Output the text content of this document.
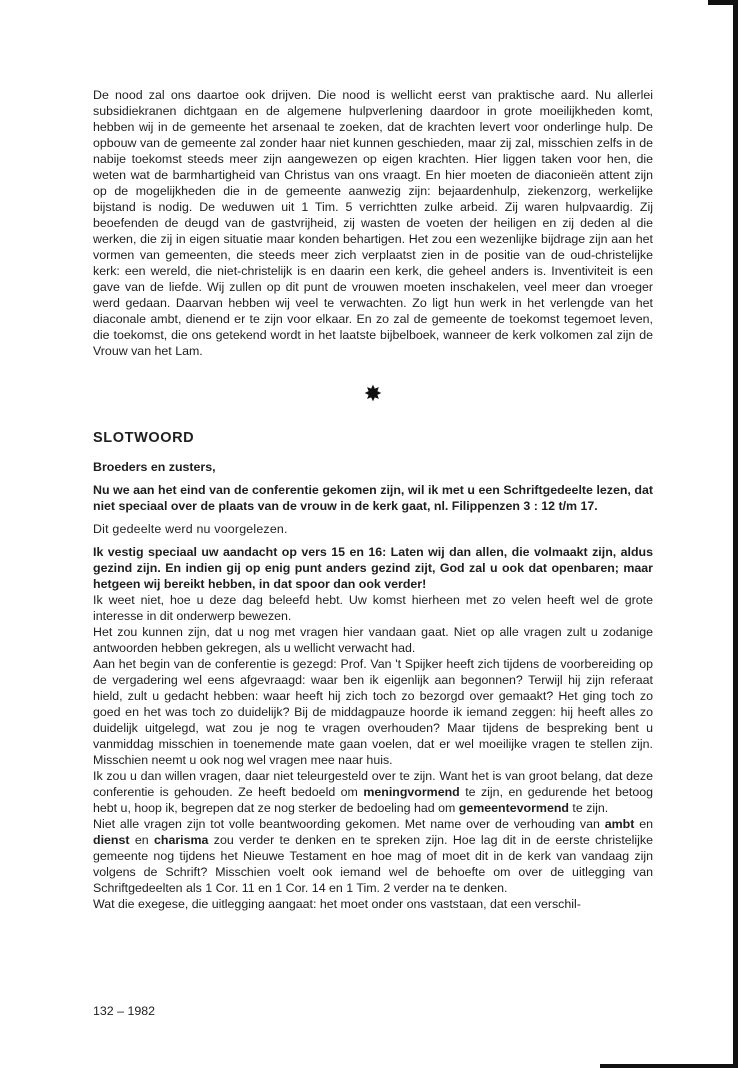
De nood zal ons daartoe ook drijven. Die nood is wellicht eerst van praktische aard. Nu allerlei subsidiekranen dichtgaan en de algemene hulpverlening daardoor in grote moeilijkheden komt, hebben wij in de gemeente het arsenaal te zoeken, dat de krachten levert voor onderlinge hulp. De opbouw van de gemeente zal zonder haar niet kunnen geschieden, maar zij zal, misschien zelfs in de nabije toekomst steeds meer zijn aangewezen op eigen krachten. Hier liggen taken voor hen, die weten wat de barmhartigheid van Christus van ons vraagt. En hier moeten de diaconieën attent zijn op de mogelijkheden die in de gemeente aanwezig zijn: bejaardenhulp, ziekenzorg, werkelijke bijstand is nodig. De weduwen uit 1 Tim. 5 verrichtten zulke arbeid. Zij waren hulpvaardig. Zij beoefenden de deugd van de gastvrijheid, zij wasten de voeten der heiligen en zij deden al die werken, die zij in eigen situatie maar konden behartigen. Het zou een wezenlijke bijdrage zijn aan het vormen van gemeenten, die steeds meer zich verplaatst zien in de positie van de oud-christelijke kerk: een wereld, die niet-christelijk is en daarin een kerk, die geheel anders is. Inventiviteit is een gave van de liefde. Wij zullen op dit punt de vrouwen moeten inschakelen, veel meer dan vroeger werd gedaan. Daarvan hebben wij veel te verwachten. Zo ligt hun werk in het verlengde van het diaconale ambt, dienend er te zijn voor elkaar. En zo zal de gemeente de toekomst tegemoet leven, die toekomst, die ons getekend wordt in het laatste bijbelboek, wanneer de kerk volkomen zal zijn de Vrouw van het Lam.

✸
SLOTWOORD

Broeders en zusters,

Nu we aan het eind van de conferentie gekomen zijn, wil ik met u een Schriftgedeelte lezen, dat niet speciaal over de plaats van de vrouw in de kerk gaat, nl. Filippenzen 3 : 12 t/m 17.

Dit gedeelte werd nu voorgelezen.

Ik vestig speciaal uw aandacht op vers 15 en 16: Laten wij dan allen, die volmaakt zijn, aldus gezind zijn. En indien gij op enig punt anders gezind zijt, God zal u ook dat openbaren; maar hetgeen wij bereikt hebben, in dat spoor dan ook verder!

Ik weet niet, hoe u deze dag beleefd hebt. Uw komst hierheen met zo velen heeft wel de grote interesse in dit onderwerp bewezen.

Het zou kunnen zijn, dat u nog met vragen hier vandaan gaat. Niet op alle vragen zult u zodanige antwoorden hebben gekregen, als u wellicht verwacht had.

Aan het begin van de conferentie is gezegd: Prof. Van 't Spijker heeft zich tijdens de voorbereiding op de vergadering wel eens afgevraagd: waar ben ik eigenlijk aan begonnen? Terwijl hij zijn referaat hield, zult u gedacht hebben: waar heeft hij zich toch zo bezorgd over gemaakt? Het ging toch zo goed en het was toch zo duidelijk? Bij de middagpauze hoorde ik iemand zeggen: hij heeft alles zo duidelijk uitgelegd, wat zou je nog te vragen overhouden? Maar tijdens de bespreking bent u vanmiddag misschien in toenemende mate gaan voelen, dat er wel moeilijke vragen te stellen zijn. Misschien neemt u ook nog wel vragen mee naar huis.

Ik zou u dan willen vragen, daar niet teleurgesteld over te zijn. Want het is van groot belang, dat deze conferentie is gehouden. Ze heeft bedoeld om meningvormend te zijn, en gedurende het betoog hebt u, hoop ik, begrepen dat ze nog sterker de bedoeling had om gemeentevormend te zijn.

Niet alle vragen zijn tot volle beantwoording gekomen. Met name over de verhouding van ambt en dienst en charisma zou verder te denken en te spreken zijn. Hoe lag dit in de eerste christelijke gemeente nog tijdens het Nieuwe Testament en hoe mag of moet dit in de kerk van vandaag zijn volgens de Schrift? Misschien voelt ook iemand wel de behoefte om over de uitlegging van Schriftgedeelten als 1 Cor. 11 en 1 Cor. 14 en 1 Tim. 2 verder na te denken.

Wat die exegese, die uitlegging aangaat: het moet onder ons vaststaan, dat een verschil-

132 – 1982
